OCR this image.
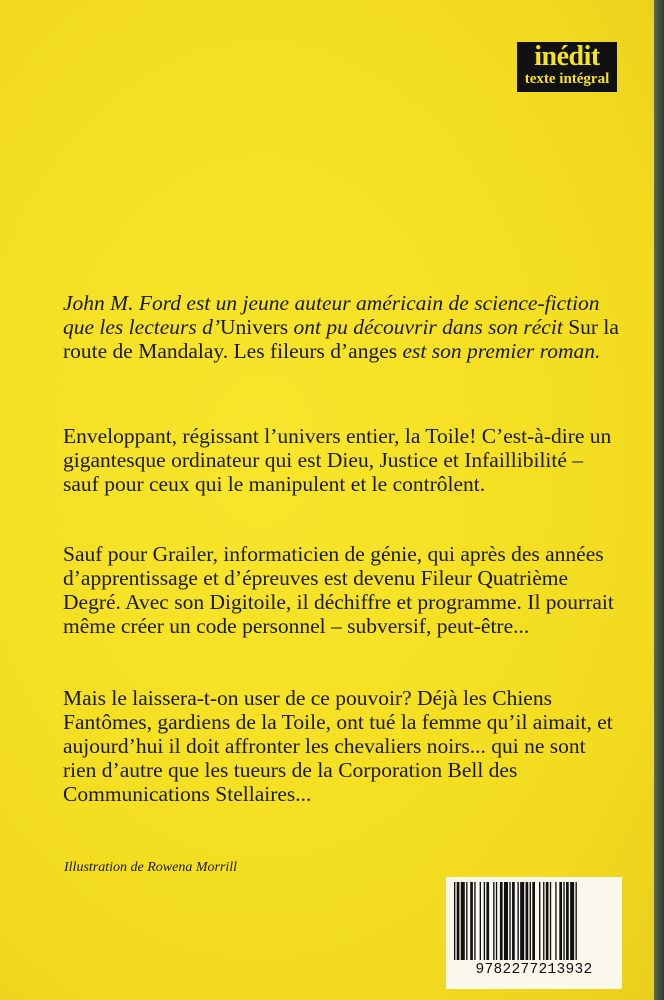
inédit
texte intégral
John M. Ford est un jeune auteur américain de science-fiction que les lecteurs d’Univers ont pu découvrir dans son récit Sur la route de Mandalay. Les fileurs d’anges est son premier roman.
Enveloppant, régissant l’univers entier, la Toile! C’est-à-dire un gigantesque ordinateur qui est Dieu, Justice et Infaillibilité – sauf pour ceux qui le manipulent et le contrôlent.
Sauf pour Grailer, informaticien de génie, qui après des années d’apprentissage et d’épreuves est devenu Fileur Quatrième Degré. Avec son Digitoile, il déchiffre et programme. Il pourrait même créer un code personnel – subversif, peut-être...
Mais le laissera-t-on user de ce pouvoir? Déjà les Chiens Fantômes, gardiens de la Toile, ont tué la femme qu’il aimait, et aujourd’hui il doit affronter les chevaliers noirs... qui ne sont rien d’autre que les tueurs de la Corporation Bell des Communications Stellaires...
Illustration de Rowena Morrill
9782277213932
